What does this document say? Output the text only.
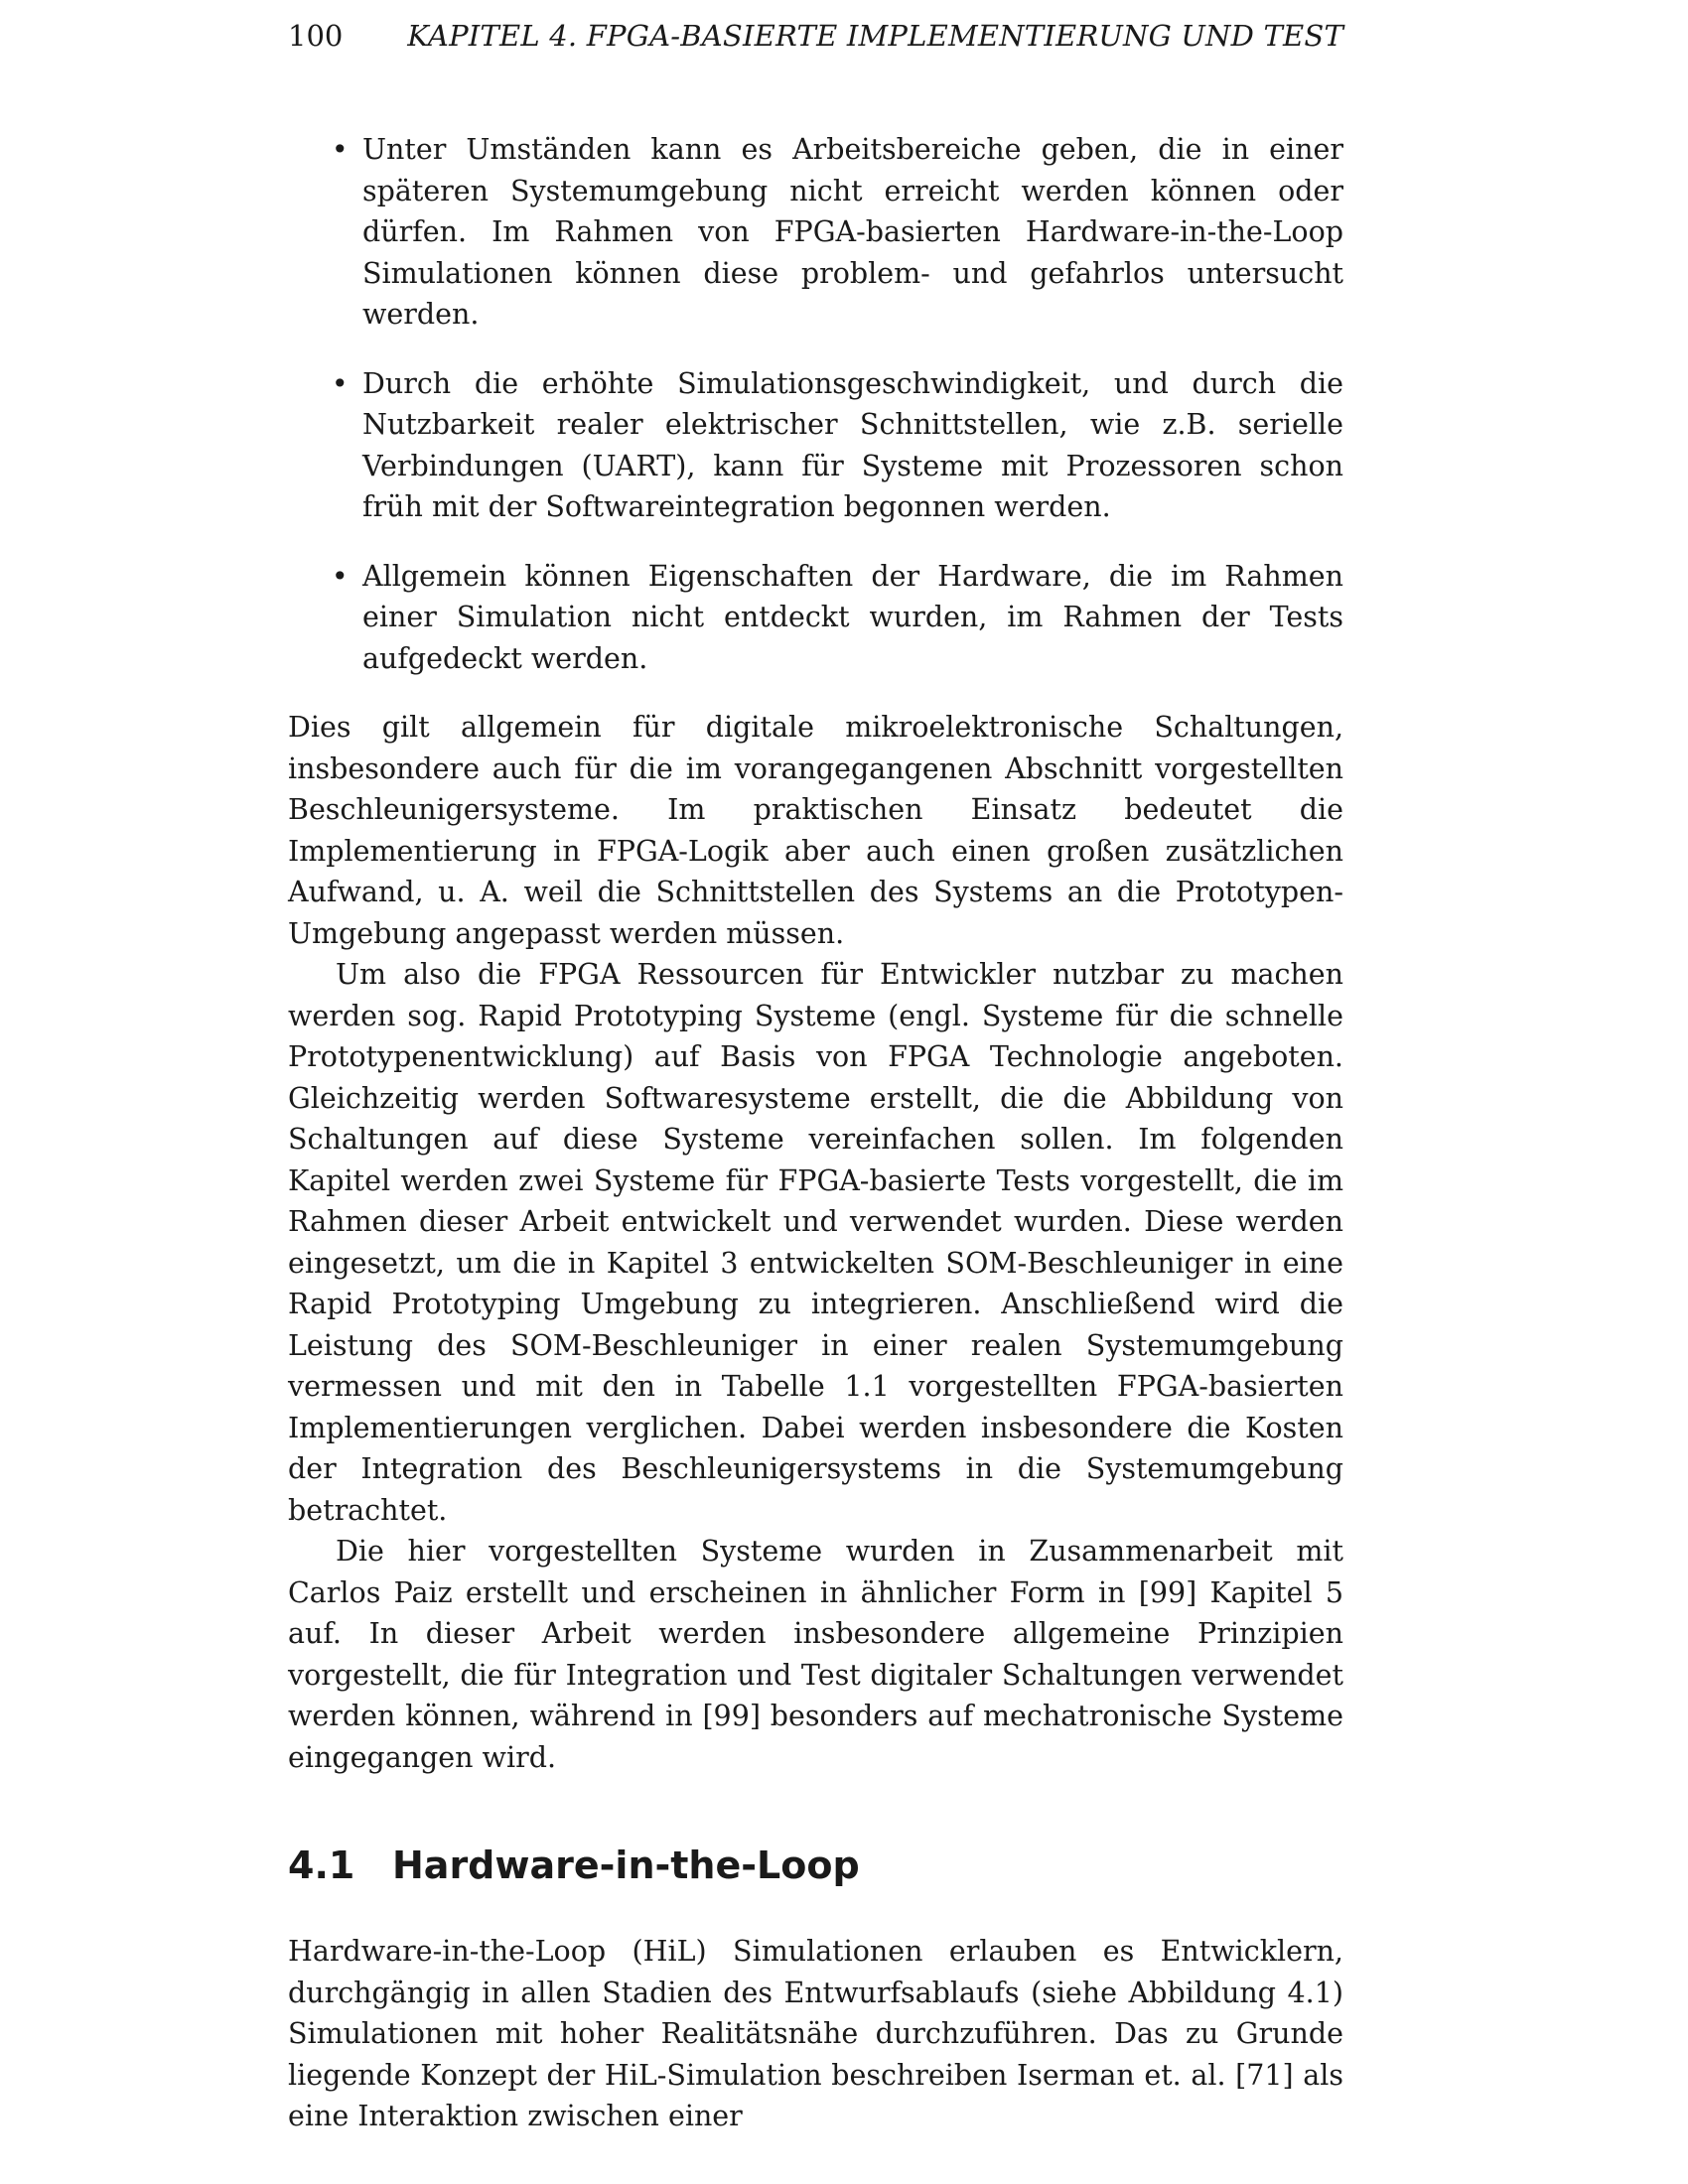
100 KAPITEL 4. FPGA-BASIERTE IMPLEMENTIERUNG UND TEST
• Unter Umständen kann es Arbeitsbereiche geben, die in einer späteren Systemumgebung nicht erreicht werden können oder dürfen. Im Rahmen von FPGA-basierten Hardware-in-the-Loop Simulationen können diese problem- und gefahrlos untersucht werden.
• Durch die erhöhte Simulationsgeschwindigkeit, und durch die Nutzbarkeit realer elektrischer Schnittstellen, wie z.B. serielle Verbindungen (UART), kann für Systeme mit Prozessoren schon früh mit der Softwareintegration begonnen werden.
• Allgemein können Eigenschaften der Hardware, die im Rahmen einer Simulation nicht entdeckt wurden, im Rahmen der Tests aufgedeckt werden.

Dies gilt allgemein für digitale mikroelektronische Schaltungen, insbesondere auch für die im vorangegangenen Abschnitt vorgestellten Beschleunigersysteme. Im praktischen Einsatz bedeutet die Implementierung in FPGA-Logik aber auch einen großen zusätzlichen Aufwand, u. A. weil die Schnittstellen des Systems an die Prototypen-Umgebung angepasst werden müssen.

Um also die FPGA Ressourcen für Entwickler nutzbar zu machen werden sog. Rapid Prototyping Systeme (engl. Systeme für die schnelle Prototypenentwicklung) auf Basis von FPGA Technologie angeboten. Gleichzeitig werden Softwaresysteme erstellt, die die Abbildung von Schaltungen auf diese Systeme vereinfachen sollen. Im folgenden Kapitel werden zwei Systeme für FPGA-basierte Tests vorgestellt, die im Rahmen dieser Arbeit entwickelt und verwendet wurden. Diese werden eingesetzt, um die in Kapitel 3 entwickelten SOM-Beschleuniger in eine Rapid Prototyping Umgebung zu integrieren. Anschließend wird die Leistung des SOM-Beschleuniger in einer realen Systemumgebung vermessen und mit den in Tabelle 1.1 vorgestellten FPGA-basierten Implementierungen verglichen. Dabei werden insbesondere die Kosten der Integration des Beschleunigersystems in die Systemumgebung betrachtet.

Die hier vorgestellten Systeme wurden in Zusammenarbeit mit Carlos Paiz erstellt und erscheinen in ähnlicher Form in [99] Kapitel 5 auf. In dieser Arbeit werden insbesondere allgemeine Prinzipien vorgestellt, die für Integration und Test digitaler Schaltungen verwendet werden können, während in [99] besonders auf mechatronische Systeme eingegangen wird.

4.1 Hardware-in-the-Loop

Hardware-in-the-Loop (HiL) Simulationen erlauben es Entwicklern, durchgängig in allen Stadien des Entwurfsablaufs (siehe Abbildung 4.1) Simulationen mit hoher Realitätsnähe durchzuführen. Das zu Grunde liegende Konzept der HiL-Simulation beschreiben Iserman et. al. [71] als eine Interaktion zwischen einer
